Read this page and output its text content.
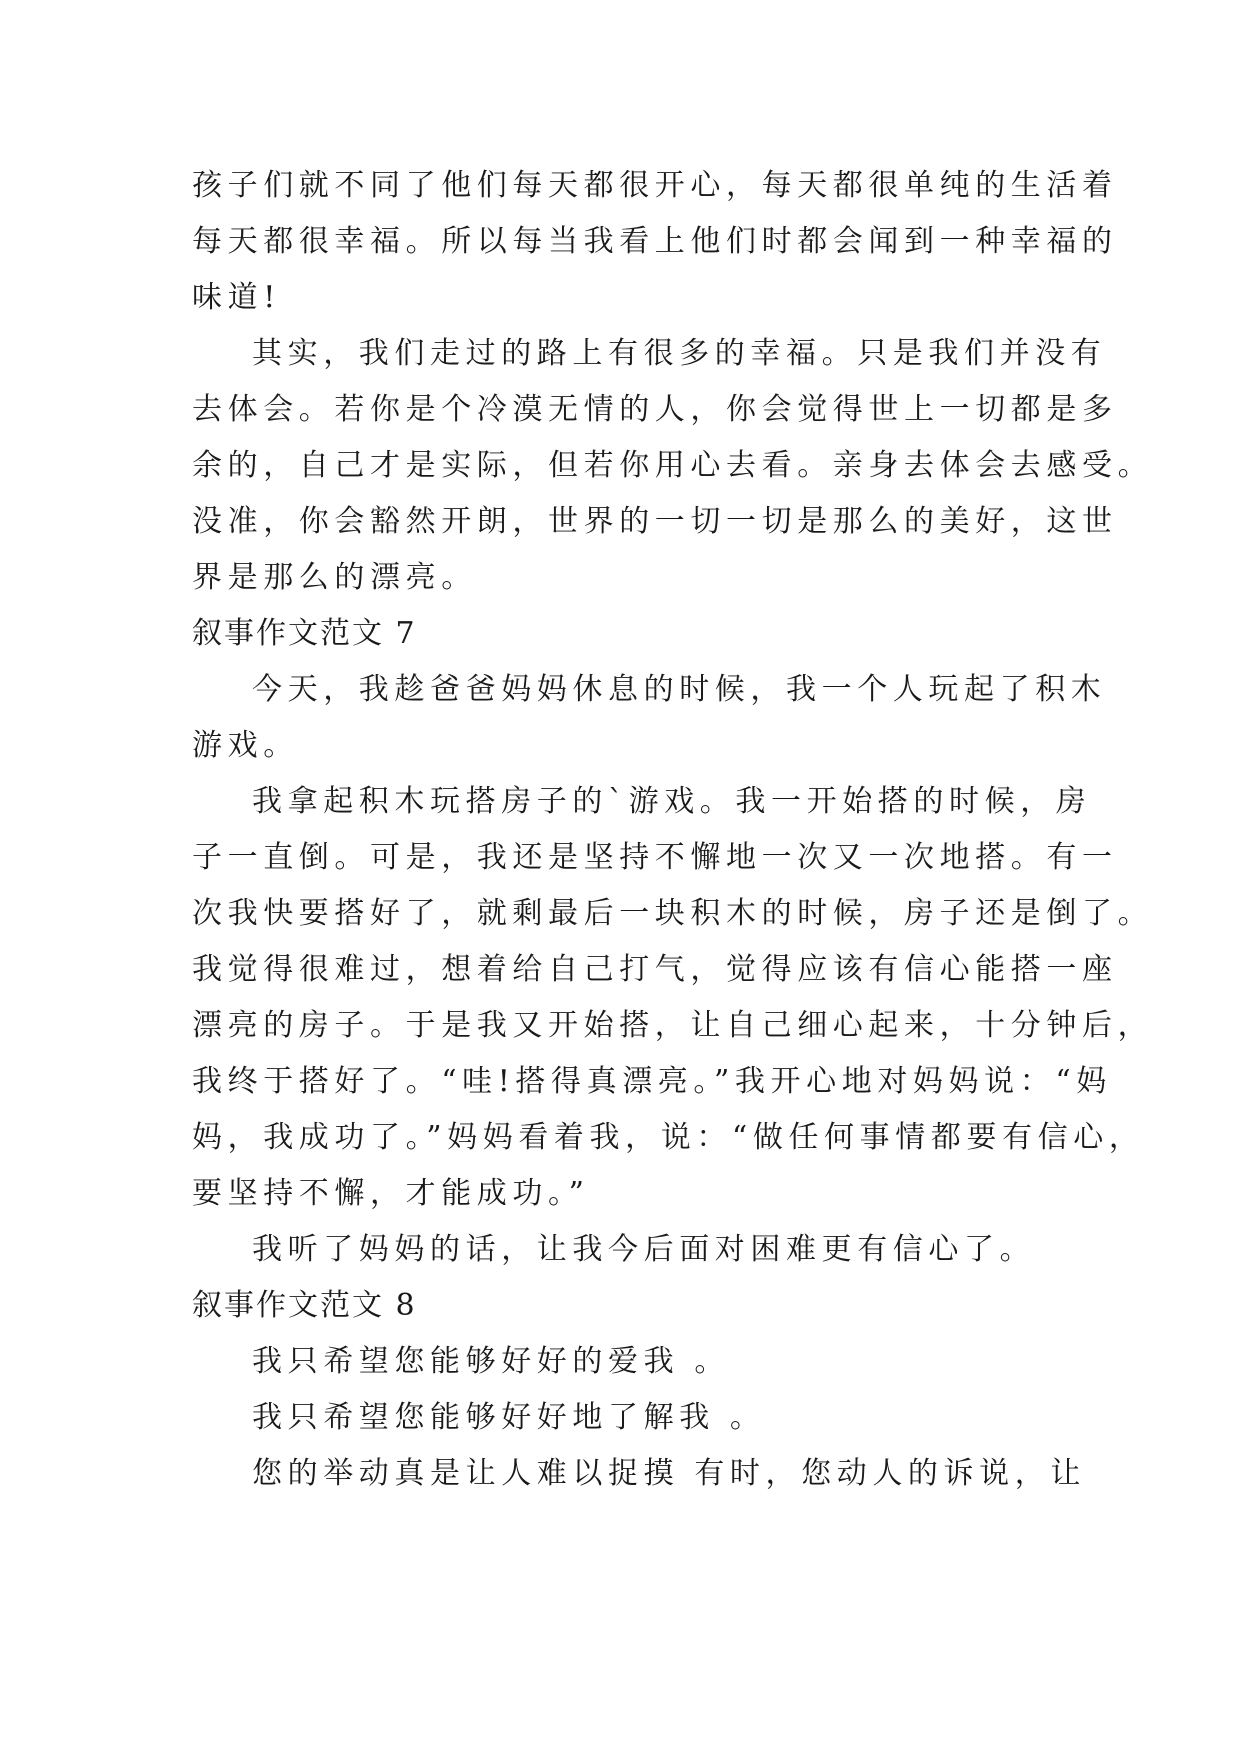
孩子们就不同了他们每天都很开心，每天都很单纯的生活着
每天都很幸福。所以每当我看上他们时都会闻到一种幸福的
味道!
其实，我们走过的路上有很多的幸福。只是我们并没有
去体会。若你是个冷漠无情的人，你会觉得世上一切都是多
余的，自己才是实际，但若你用心去看。亲身去体会去感受。
没准，你会豁然开朗，世界的一切一切是那么的美好，这世
界是那么的漂亮。
叙事作文范文 7
今天，我趁爸爸妈妈休息的时候，我一个人玩起了积木
游戏。
我拿起积木玩搭房子的`游戏。我一开始搭的时候，房
子一直倒。可是，我还是坚持不懈地一次又一次地搭。有一
次我快要搭好了，就剩最后一块积木的时候，房子还是倒了。
我觉得很难过，想着给自己打气，觉得应该有信心能搭一座
漂亮的房子。于是我又开始搭，让自己细心起来，十分钟后，
我终于搭好了。“哇!搭得真漂亮。”我开心地对妈妈说：“妈
妈，我成功了。”妈妈看着我，说：“做任何事情都要有信心，
要坚持不懈，才能成功。”
我听了妈妈的话，让我今后面对困难更有信心了。
叙事作文范文 8
我只希望您能够好好的爱我 。
我只希望您能够好好地了解我 。
您的举动真是让人难以捉摸 有时，您动人的诉说，让
